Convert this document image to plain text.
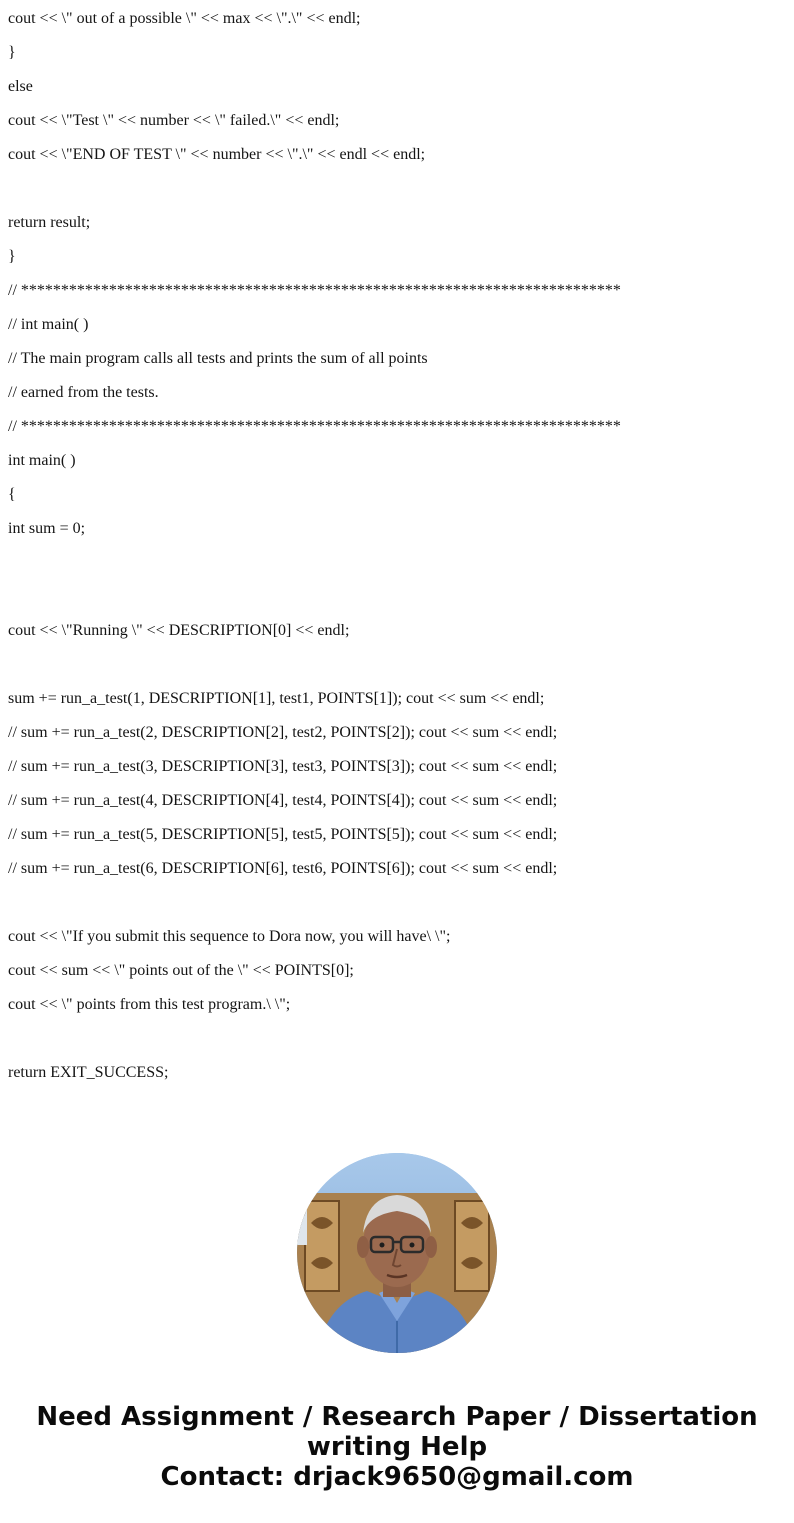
cout << \" out of a possible \" << max << \".\" << endl;
}
else
cout << \"Test \" << number << \" failed.\" << endl;
cout << \"END OF TEST \" << number << \".\" << endl << endl;
return result;
}
// ***************************************************************************
// int main( )
// The main program calls all tests and prints the sum of all points
// earned from the tests.
// ***************************************************************************
int main( )
{
int sum = 0;
cout << \"Running \" << DESCRIPTION[0] << endl;
sum += run_a_test(1, DESCRIPTION[1], test1, POINTS[1]); cout << sum << endl;
// sum += run_a_test(2, DESCRIPTION[2], test2, POINTS[2]); cout << sum << endl;
// sum += run_a_test(3, DESCRIPTION[3], test3, POINTS[3]); cout << sum << endl;
// sum += run_a_test(4, DESCRIPTION[4], test4, POINTS[4]); cout << sum << endl;
// sum += run_a_test(5, DESCRIPTION[5], test5, POINTS[5]); cout << sum << endl;
// sum += run_a_test(6, DESCRIPTION[6], test6, POINTS[6]); cout << sum << endl;
cout << \"If you submit this sequence to Dora now, you will have\ \";
cout << sum << \" points out of the \" << POINTS[0];
cout << \" points from this test program.\ \";
return EXIT_SUCCESS;
Need Assignment / Research Paper / Dissertation
writing Help
Contact: drjack9650@gmail.com
